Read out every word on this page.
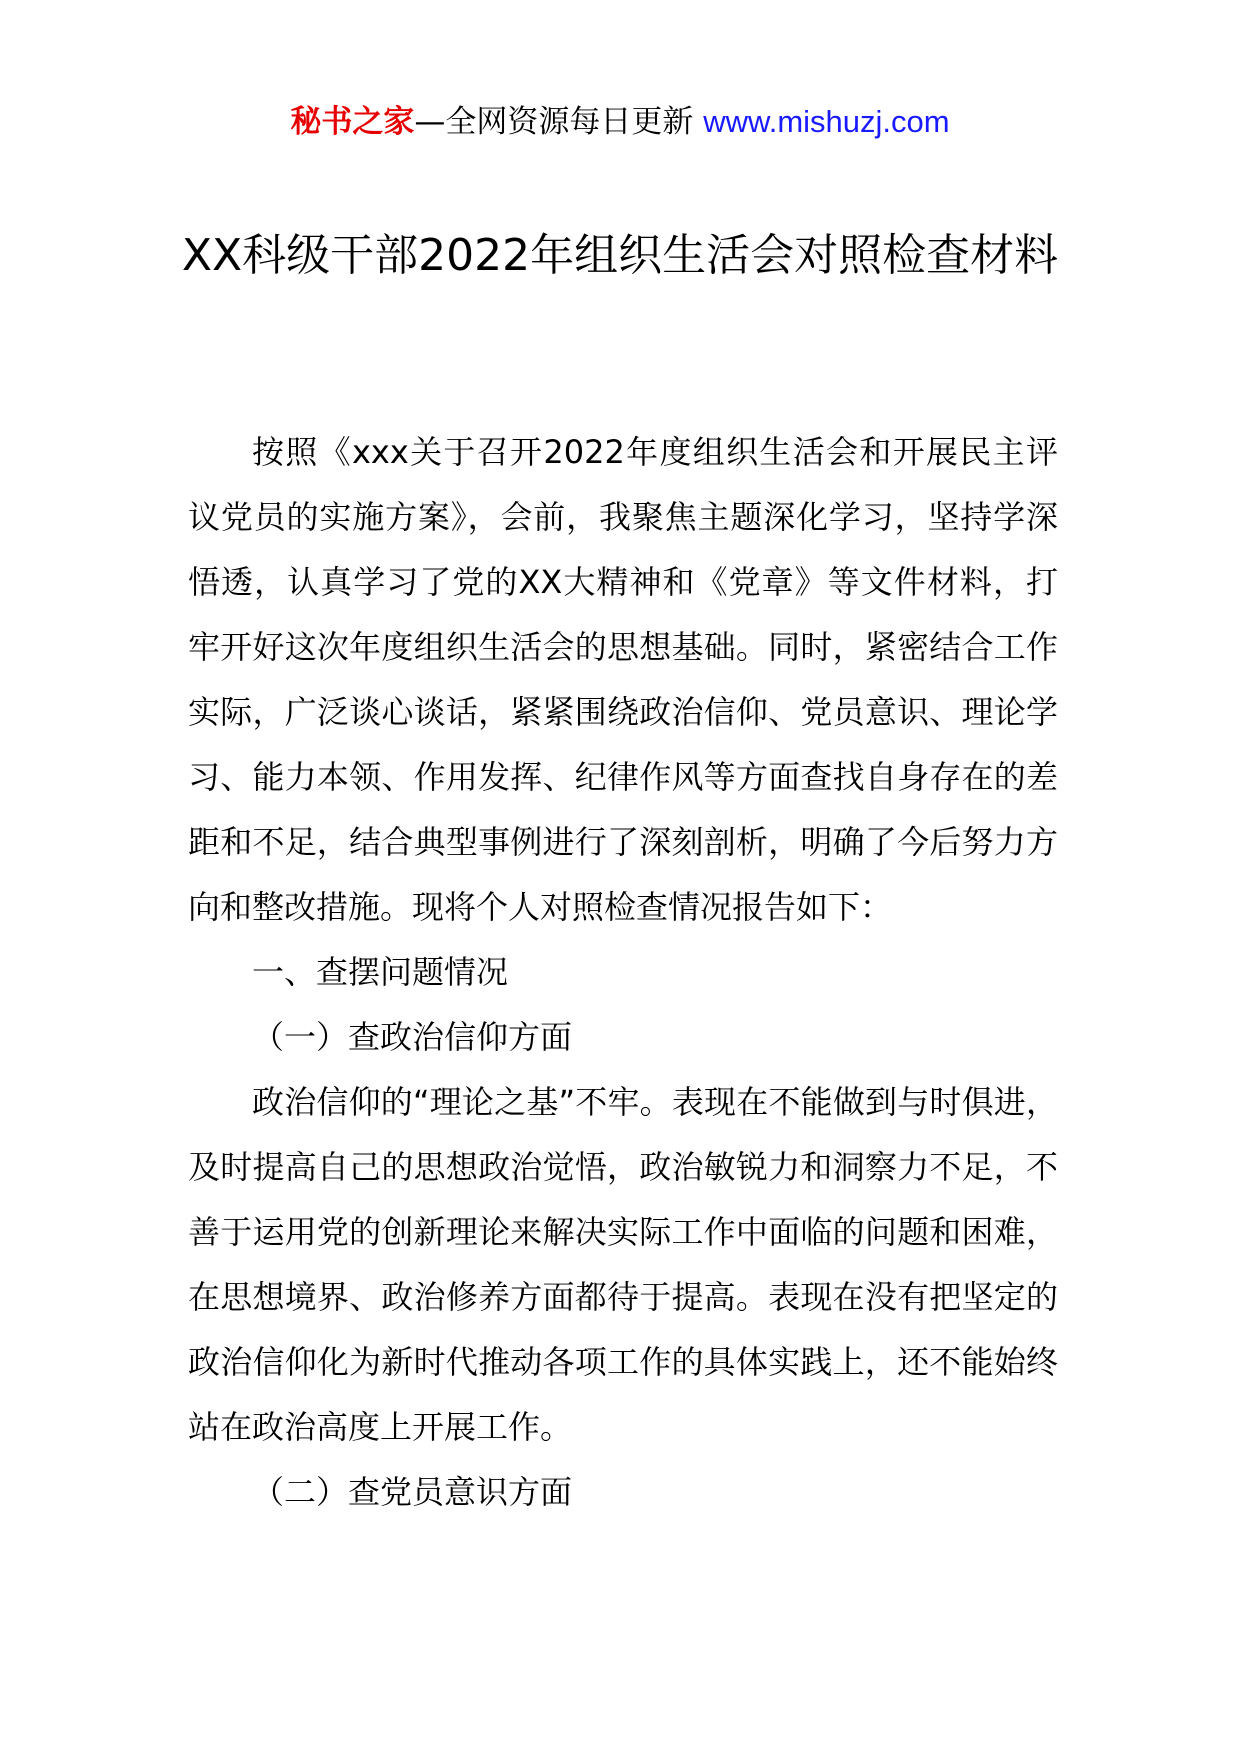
秘书之家—全网资源每日更新 www.mishuzj.com
XX科级干部2022年组织生活会对照检查材料

按照《xxx关于召开2022年度组织生活会和开展民主评议党员的实施方案》，会前，我聚焦主题深化学习，坚持学深悟透，认真学习了党的XX大精神和《党章》等文件材料，打牢开好这次年度组织生活会的思想基础。同时，紧密结合工作实际，广泛谈心谈话，紧紧围绕政治信仰、党员意识、理论学习、能力本领、作用发挥、纪律作风等方面查找自身存在的差距和不足，结合典型事例进行了深刻剖析，明确了今后努力方向和整改措施。现将个人对照检查情况报告如下：

一、查摆问题情况

（一）查政治信仰方面

政治信仰的“理论之基”不牢。表现在不能做到与时俱进，及时提高自己的思想政治觉悟，政治敏锐力和洞察力不足，不善于运用党的创新理论来解决实际工作中面临的问题和困难，在思想境界、政治修养方面都待于提高。表现在没有把坚定的政治信仰化为新时代推动各项工作的具体实践上，还不能始终站在政治高度上开展工作。

（二）查党员意识方面
